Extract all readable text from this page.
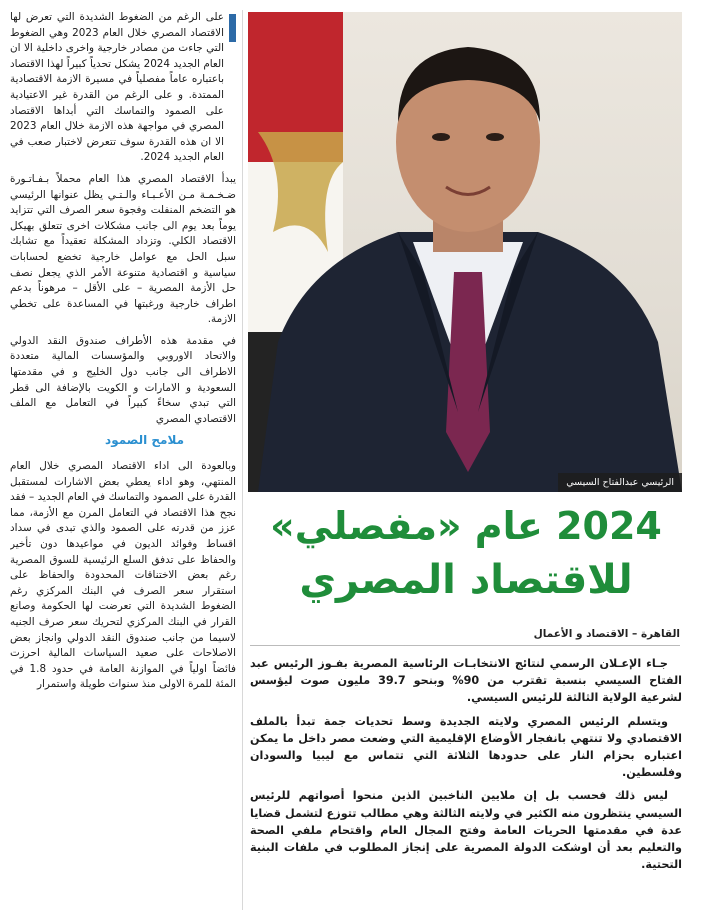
على الرغم من الضغوط الشديدة التي تعرض لها الاقتصاد المصري خلال العام 2023 وهي الضغوط التي جاءت من مصادر خارجية واخرى داخلية الا ان العام الجديد 2024 يشكل تحدياً كبيراً لهذا الاقتصاد باعتباره عاماً مفصلياً في مسيرة الازمة الاقتصادية الممتدة. و على الرغم من القدرة غير الاعتيادية على الصمود والتماسك التي أبداها الاقتصاد المصري في مواجهة هذه الازمة خلال العام 2023 الا ان هذه القدرة سوف تتعرض لاختبار صعب في العام الجديد 2024.

يبدأ الاقتصاد المصري هذا العام محملاً بـفـاتـورة ضـخـمـة مـن الأعـبـاء والـتـي يظل عنوانها الرئيسي هو التضخم المنفلت وفجوة سعر الصرف التي تتزايد يوماً بعد يوم الى جانب مشكلات اخرى تتعلق بهيكل الاقتصاد الكلي. وتزداد المشكلة تعقيداً مع تشابك سبل الحل مع عوامل خارجية تخضع لحسابات سياسية و اقتصادية متنوعة الأمر الذي يجعل نصف حل الأزمة المصرية – على الأقل – مرهوناً بدعم اطراف خارجية ورغبتها في المساعدة على تخطي الازمة.

في مقدمة هذه الأطراف صندوق النقد الدولي والاتحاد الاوروبي والمؤسسات المالية متعددة الاطراف الى جانب دول الخليج و في مقدمتها السعودية و الامارات و الكويت بالإضافة الى قطر التي تبدي سخاءً كبيراً في التعامل مع الملف الاقتصادي المصري

ملامح الصمود

وبالعودة الى اداء الاقتصاد المصري خلال العام المنتهي، وهو اداء يعطي بعض الاشارات لمستقبل القدرة على الصمود والتماسك في العام الجديد – فقد نجح هذا الاقتصاد في التعامل المرن مع الأزمة، مما عزز من قدرته على الصمود والذي تبدى في سداد اقساط وفوائد الديون في مواعيدها دون تأخير والحفاظ على تدفق السلع الرئيسية للسوق المصرية رغم بعض الاختناقات المحدودة والحفاظ على استقرار سعر الصرف في البنك المركزي رغم الضغوط الشديدة التي تعرضت لها الحكومة وصانع القرار في البنك المركزي لتحريك سعر صرف الجنيه لاسيما من جانب صندوق النقد الدولي وانجاز بعض الاصلاحات على صعيد السياسات المالية احرزت فائضاً اولياً في الموازنة العامة في حدود 1.8 في المئة للمرة الاولى منذ سنوات طويلة واستمرار

الرئيسي عبدالفتاح السيسي
2024 عام «مفصلي»
للاقتصاد المصري
القاهرة – الاقتصاد و الأعمال

جـاء الإعـلان الرسمي لنتائج الانتخابـات الرئاسية المصرية بفـوز الرئيس عبد الفتاح السيسي بنسبة تقترب من 90% وبنحو 39.7 مليون صوت ليؤسس لشرعية الولاية الثالثة للرئيس السيسي.

ويتسلم الرئيس المصري ولايته الجديدة وسط تحديات جمة تبدأ بالملف الاقتصادي ولا تنتهي بانفجار الأوضاع الإقليمية التي وضعت مصر داخل ما يمكن اعتباره بحزام النار على حدودها الثلاثة التي تتماس مع ليبيا والسودان وفلسطين.

ليس ذلك فحسب بل إن ملايين الناخبين الذين منحوا أصواتهم للرئيس السيسي ينتظرون منه الكثير في ولايته الثالثة وهي مطالب تتوزع لتشمل قضايا عدة في مقدمتها الحريات العامة وفتح المجال العام واقتحام ملفي الصحة والتعليم بعد أن اوشكت الدولة المصرية على إنجاز المطلوب في ملفات البنية التحتية.
